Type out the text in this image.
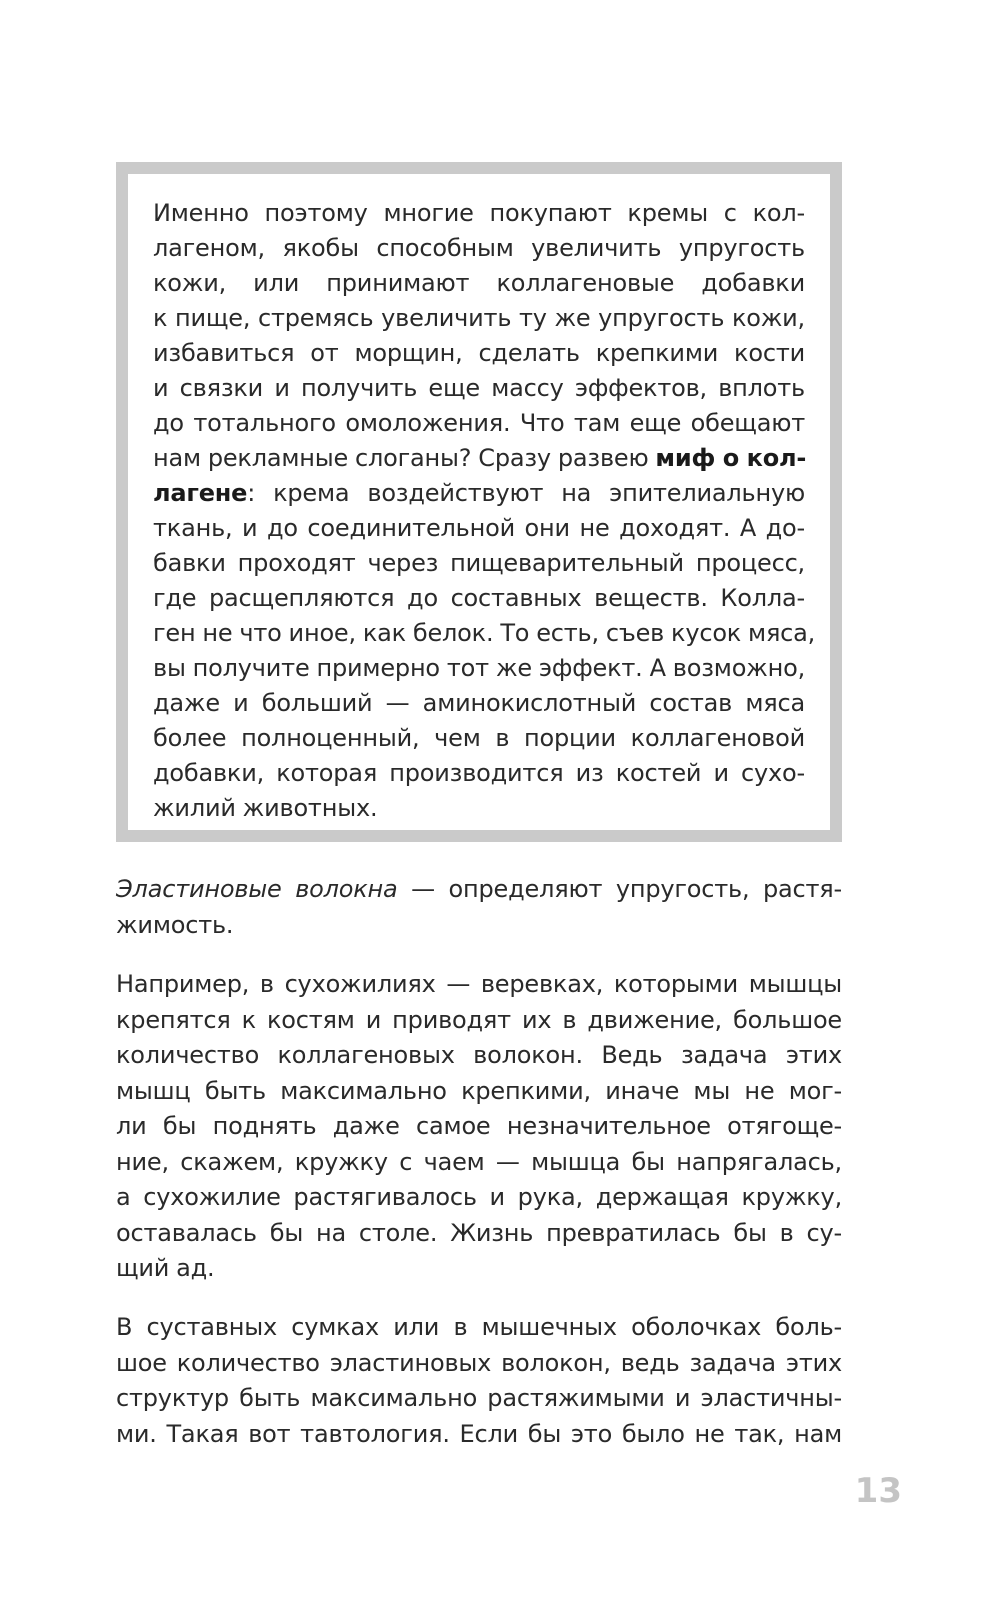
Именно поэтому многие покупают кремы с кол-
лагеном, якобы способным увеличить упругость
кожи, или принимают коллагеновые добавки
к пище, стремясь увеличить ту же упругость кожи,
избавиться от морщин, сделать крепкими кости
и связки и получить еще массу эффектов, вплоть
до тотального омоложения. Что там еще обещают
нам рекламные слоганы? Сразу развею миф о кол-
лагене: крема воздействуют на эпителиальную
ткань, и до соединительной они не доходят. А до-
бавки проходят через пищеварительный процесс,
где расщепляются до составных веществ. Колла-
ген не что иное, как белок. То есть, съев кусок мяса,
вы получите примерно тот же эффект. А возможно,
даже и больший — аминокислотный состав мяса
более полноценный, чем в порции коллагеновой
добавки, которая производится из костей и сухо-
жилий животных.
Эластиновые волокна — определяют упругость, растя-
жимость.
Например, в сухожилиях — веревках, которыми мышцы
крепятся к костям и приводят их в движение, большое
количество коллагеновых волокон. Ведь задача этих
мышц быть максимально крепкими, иначе мы не мог-
ли бы поднять даже самое незначительное отягоще-
ние, скажем, кружку с чаем — мышца бы напрягалась,
а сухожилие растягивалось и рука, держащая кружку,
оставалась бы на столе. Жизнь превратилась бы в су-
щий ад.
В суставных сумках или в мышечных оболочках боль-
шое количество эластиновых волокон, ведь задача этих
структур быть максимально растяжимыми и эластичны-
ми. Такая вот тавтология. Если бы это было не так, нам
13
